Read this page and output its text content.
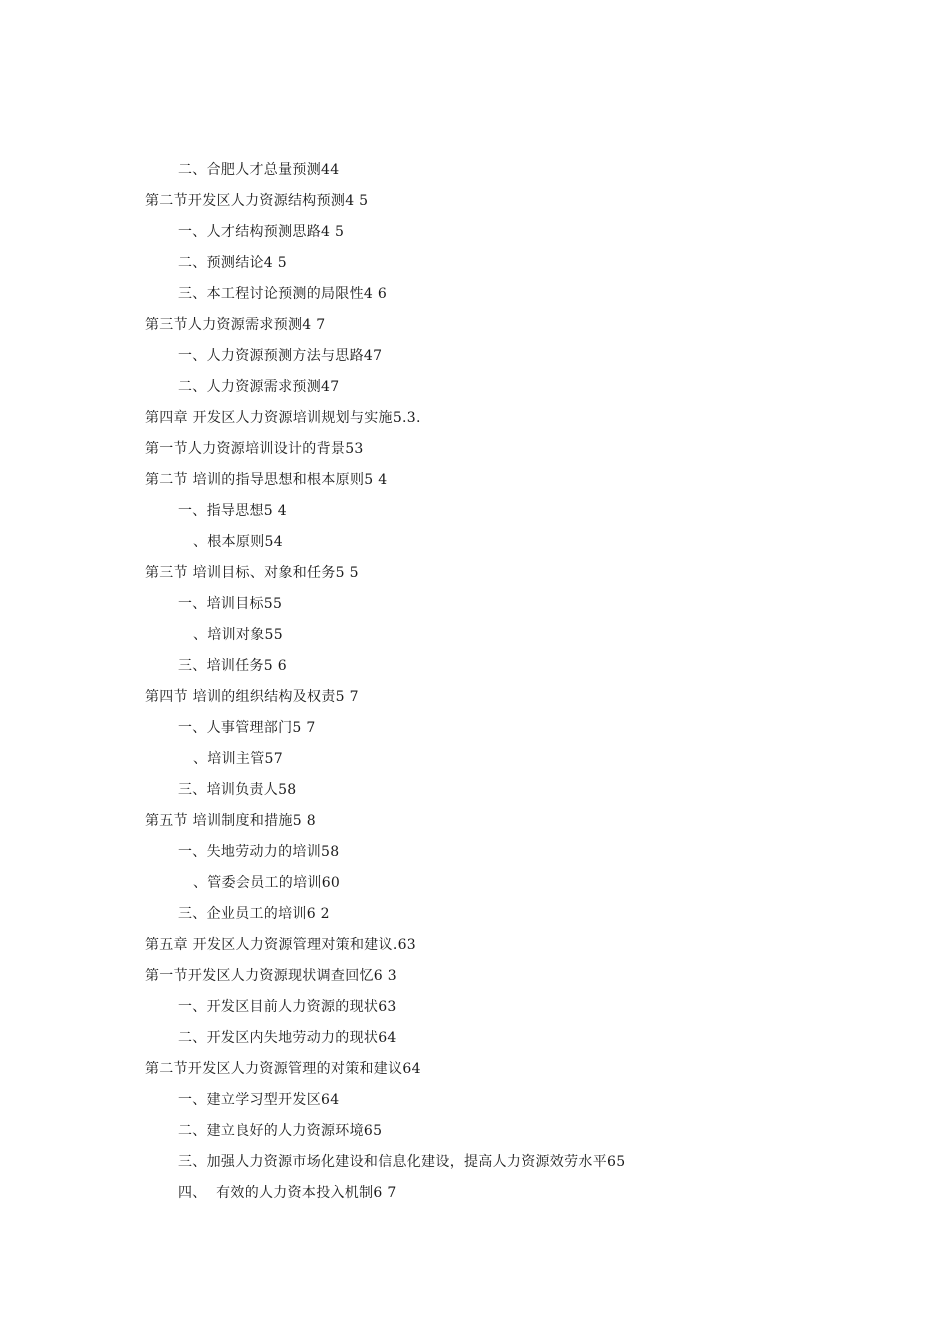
二、合肥人才总量预测44
第二节开发区人力资源结构预测4 5
一、人才结构预测思路4 5
二、预测结论4 5
三、本工程讨论预测的局限性4 6
第三节人力资源需求预测4 7
一、人力资源预测方法与思路47
二、人力资源需求预测47
第四章 开发区人力资源培训规划与实施5.3.
第一节人力资源培训设计的背景53
第二节 培训的指导思想和根本原则5 4
一、指导思想5 4
、根本原则54
第三节 培训目标、对象和任务5 5
一、培训目标55
、培训对象55
三、培训任务5 6
第四节 培训的组织结构及权责5 7
一、人事管理部门5 7
、培训主管57
三、培训负责人58
第五节 培训制度和措施5 8
一、失地劳动力的培训58
、管委会员工的培训60
三、企业员工的培训6 2
第五章 开发区人力资源管理对策和建议.63
第一节开发区人力资源现状调查回忆6 3
一、开发区目前人力资源的现状63
二、开发区内失地劳动力的现状64
第二节开发区人力资源管理的对策和建议64
一、建立学习型开发区64
二、建立良好的人力资源环境65
三、加强人力资源市场化建设和信息化建设，提高人力资源效劳水平65
四、  有效的人力资本投入机制6 7
